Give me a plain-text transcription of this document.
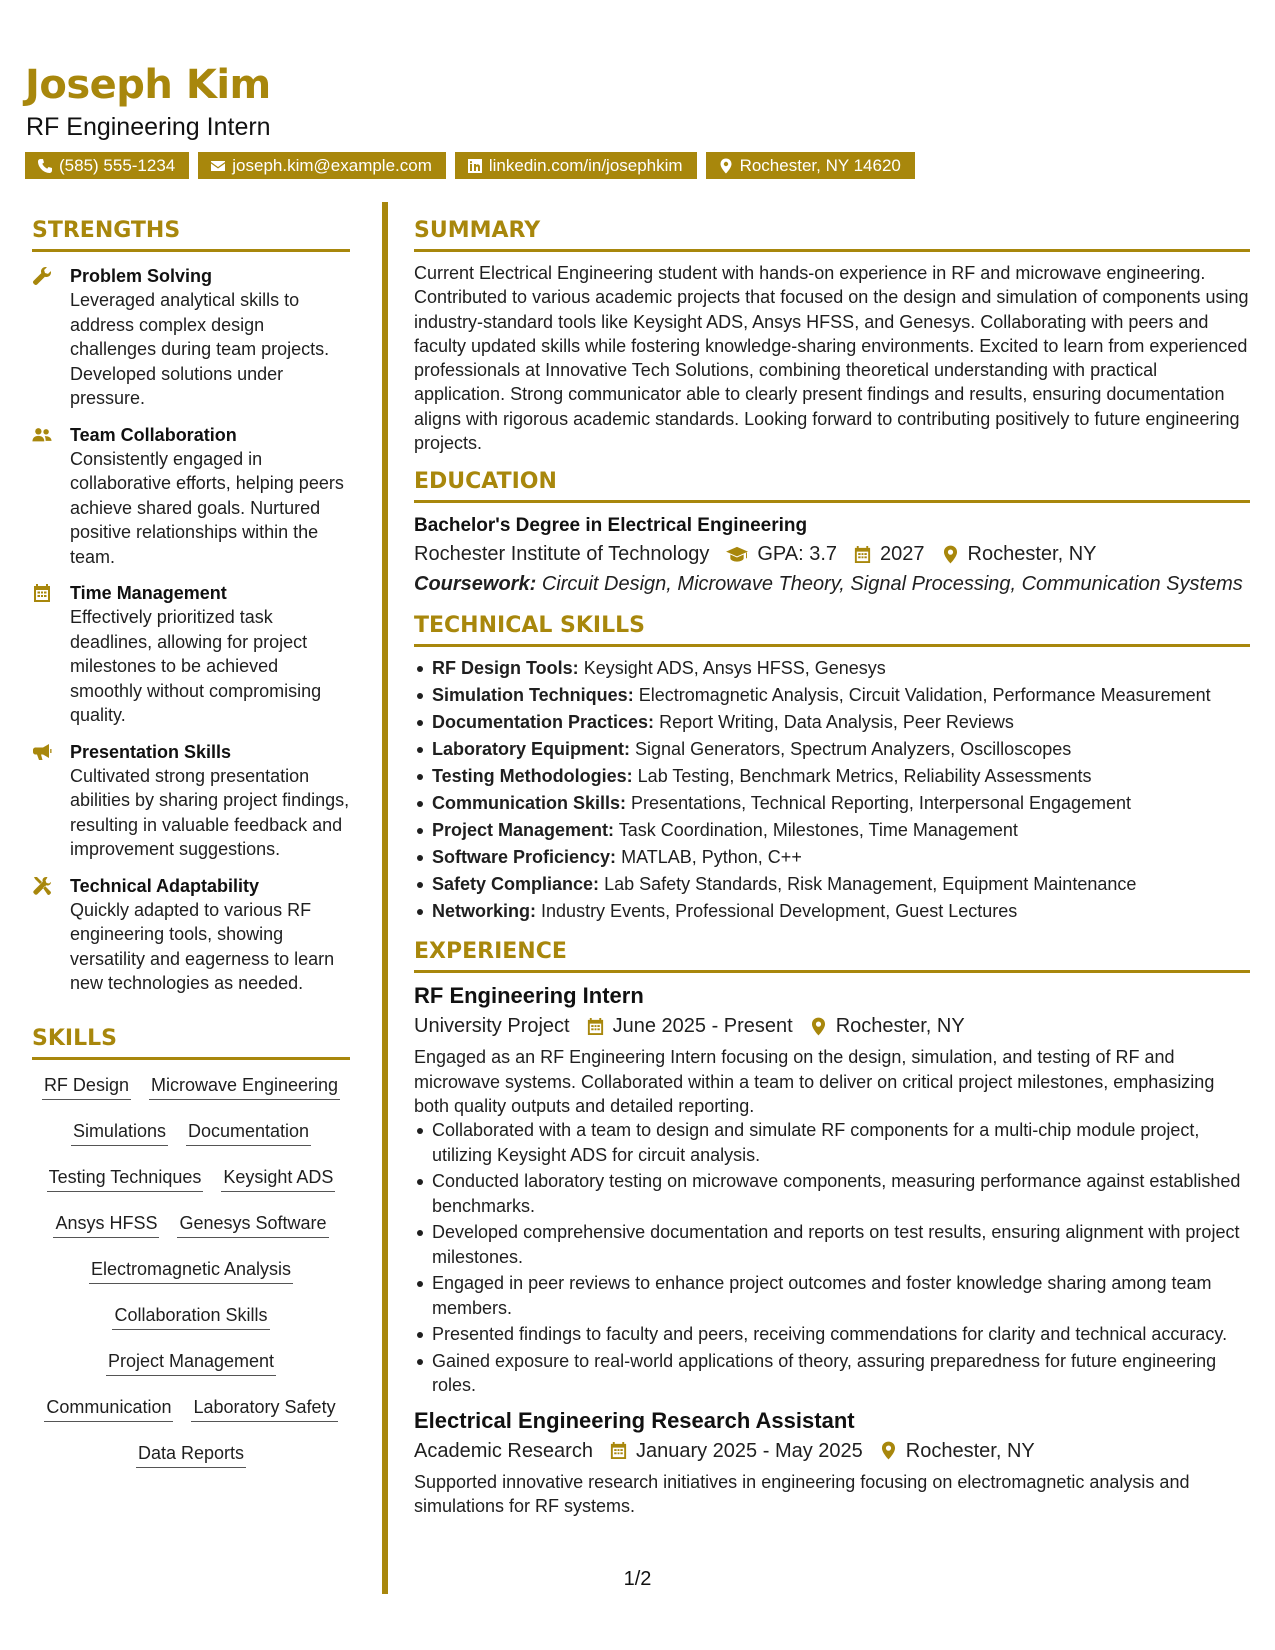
Joseph Kim
RF Engineering Intern
(585) 555-1234	joseph.kim@example.com	linkedin.com/in/josephkim	Rochester, NY 14620
STRENGTHS
Problem Solving
Leveraged analytical skills to address complex design challenges during team projects. Developed solutions under pressure.
Team Collaboration
Consistently engaged in collaborative efforts, helping peers achieve shared goals. Nurtured positive relationships within the team.
Time Management
Effectively prioritized task deadlines, allowing for project milestones to be achieved smoothly without compromising quality.
Presentation Skills
Cultivated strong presentation abilities by sharing project findings, resulting in valuable feedback and improvement suggestions.
Technical Adaptability
Quickly adapted to various RF engineering tools, showing versatility and eagerness to learn new technologies as needed.
SKILLS
RF Design Microwave Engineering
Simulations Documentation
Testing Techniques Keysight ADS
Ansys HFSS Genesys Software
Electromagnetic Analysis
Collaboration Skills
Project Management
Communication Laboratory Safety
Data Reports
SUMMARY
Current Electrical Engineering student with hands-on experience in RF and microwave engineering. Contributed to various academic projects that focused on the design and simulation of components using industry-standard tools like Keysight ADS, Ansys HFSS, and Genesys. Collaborating with peers and faculty updated skills while fostering knowledge-sharing environments. Excited to learn from experienced professionals at Innovative Tech Solutions, combining theoretical understanding with practical application. Strong communicator able to clearly present findings and results, ensuring documentation aligns with rigorous academic standards. Looking forward to contributing positively to future engineering projects.
EDUCATION
Bachelor's Degree in Electrical Engineering
Rochester Institute of Technology GPA: 3.7 2027 Rochester, NY
Coursework: Circuit Design, Microwave Theory, Signal Processing, Communication Systems
TECHNICAL SKILLS
RF Design Tools: Keysight ADS, Ansys HFSS, Genesys
Simulation Techniques: Electromagnetic Analysis, Circuit Validation, Performance Measurement
Documentation Practices: Report Writing, Data Analysis, Peer Reviews
Laboratory Equipment: Signal Generators, Spectrum Analyzers, Oscilloscopes
Testing Methodologies: Lab Testing, Benchmark Metrics, Reliability Assessments
Communication Skills: Presentations, Technical Reporting, Interpersonal Engagement
Project Management: Task Coordination, Milestones, Time Management
Software Proficiency: MATLAB, Python, C++
Safety Compliance: Lab Safety Standards, Risk Management, Equipment Maintenance
Networking: Industry Events, Professional Development, Guest Lectures
EXPERIENCE
RF Engineering Intern
University Project June 2025 - Present Rochester, NY
Engaged as an RF Engineering Intern focusing on the design, simulation, and testing of RF and microwave systems. Collaborated within a team to deliver on critical project milestones, emphasizing both quality outputs and detailed reporting.
Collaborated with a team to design and simulate RF components for a multi-chip module project, utilizing Keysight ADS for circuit analysis.
Conducted laboratory testing on microwave components, measuring performance against established benchmarks.
Developed comprehensive documentation and reports on test results, ensuring alignment with project milestones.
Engaged in peer reviews to enhance project outcomes and foster knowledge sharing among team members.
Presented findings to faculty and peers, receiving commendations for clarity and technical accuracy.
Gained exposure to real-world applications of theory, assuring preparedness for future engineering roles.
Electrical Engineering Research Assistant
Academic Research January 2025 - May 2025 Rochester, NY
Supported innovative research initiatives in engineering focusing on electromagnetic analysis and simulations for RF systems.
1/2
